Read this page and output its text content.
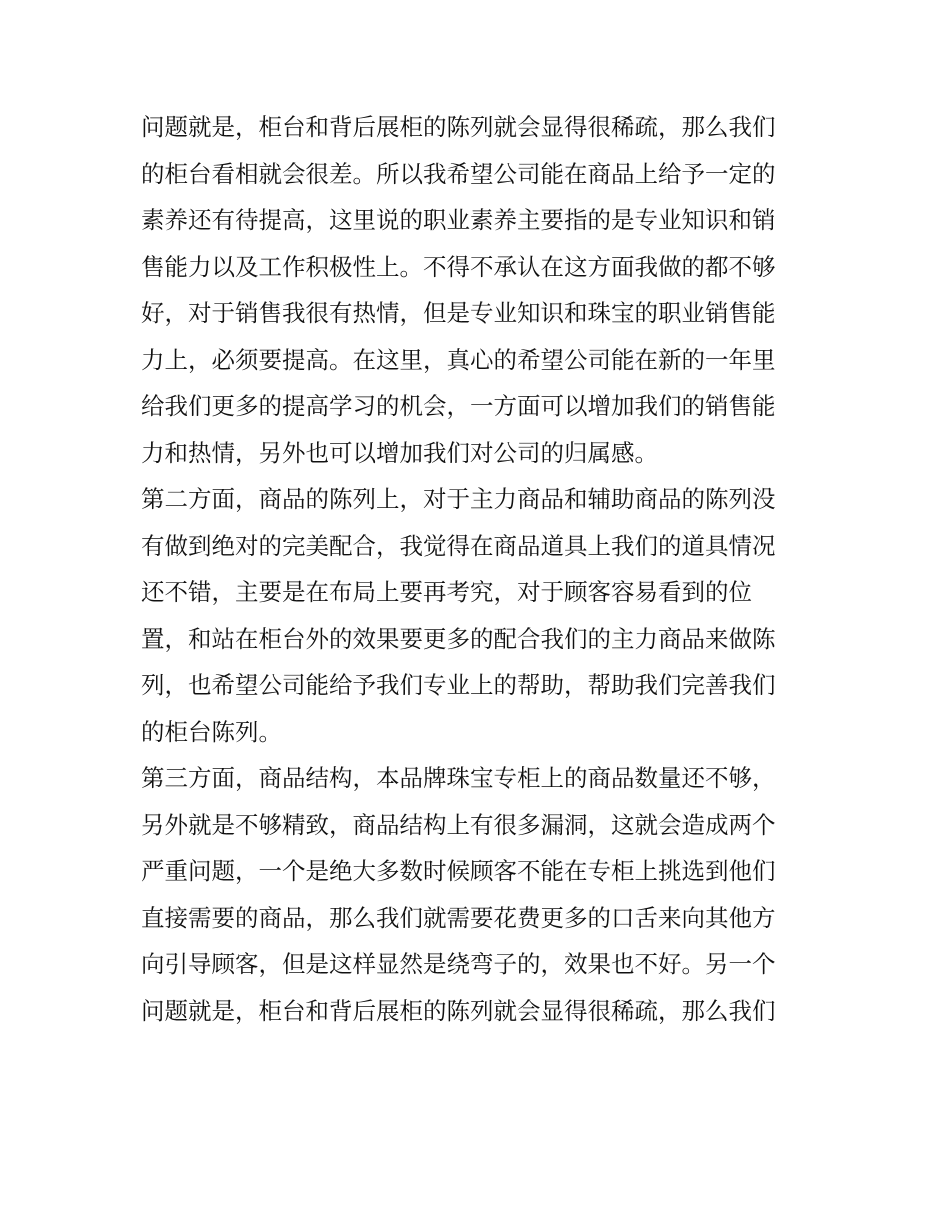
问题就是，柜台和背后展柜的陈列就会显得很稀疏，那么我们
的柜台看相就会很差。所以我希望公司能在商品上给予一定的
素养还有待提高，这里说的职业素养主要指的是专业知识和销
售能力以及工作积极性上。不得不承认在这方面我做的都不够
好，对于销售我很有热情，但是专业知识和珠宝的职业销售能
力上，必须要提高。在这里，真心的希望公司能在新的一年里
给我们更多的提高学习的机会，一方面可以增加我们的销售能
力和热情，另外也可以增加我们对公司的归属感。
第二方面，商品的陈列上，对于主力商品和辅助商品的陈列没
有做到绝对的完美配合，我觉得在商品道具上我们的道具情况
还不错，主要是在布局上要再考究，对于顾客容易看到的位
置，和站在柜台外的效果要更多的配合我们的主力商品来做陈
列，也希望公司能给予我们专业上的帮助，帮助我们完善我们
的柜台陈列。
第三方面，商品结构，本品牌珠宝专柜上的商品数量还不够，
另外就是不够精致，商品结构上有很多漏洞，这就会造成两个
严重问题，一个是绝大多数时候顾客不能在专柜上挑选到他们
直接需要的商品，那么我们就需要花费更多的口舌来向其他方
向引导顾客，但是这样显然是绕弯子的，效果也不好。另一个
问题就是，柜台和背后展柜的陈列就会显得很稀疏，那么我们
